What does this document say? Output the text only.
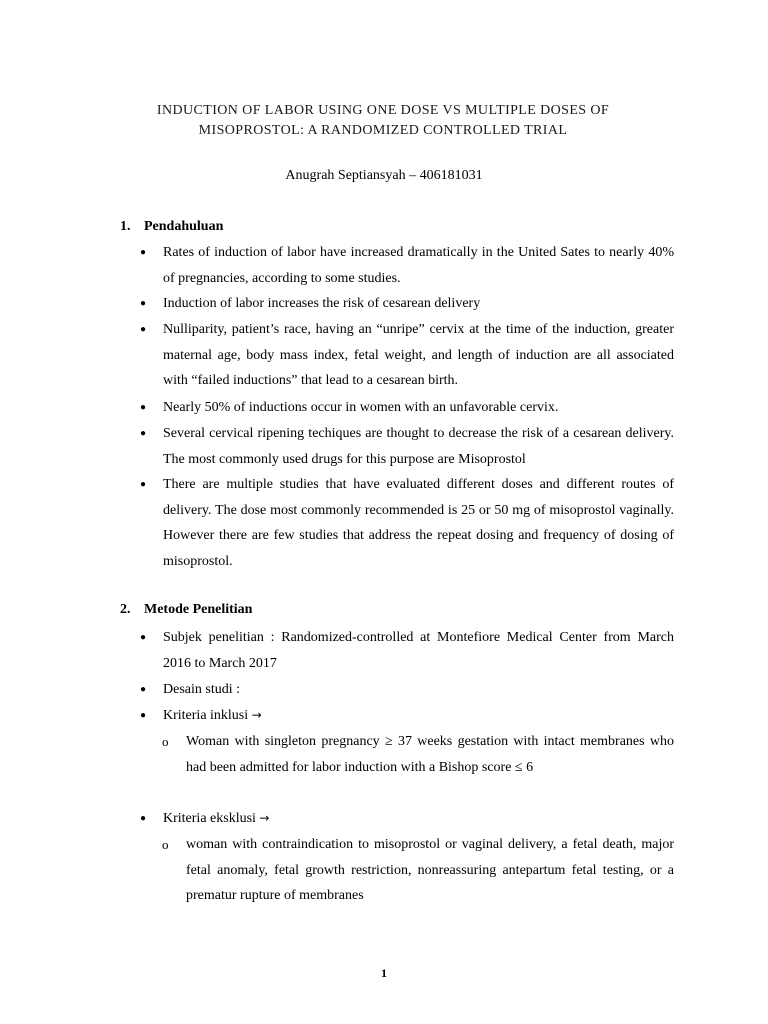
INDUCTION OF LABOR USING ONE DOSE VS MULTIPLE DOSES OF
MISOPROSTOL: A RANDOMIZED CONTROLLED TRIAL
Anugrah Septiansyah – 406181031
1. Pendahuluan
●	Rates of induction of labor have increased dramatically in the United Sates to nearly 40% of pregnancies, according to some studies.
●	Induction of labor increases the risk of cesarean delivery
●	Nulliparity, patient’s race, having an “unripe” cervix at the time of the induction, greater maternal age, body mass index, fetal weight, and length of induction are all associated with “failed inductions” that lead to a cesarean birth.
●	Nearly 50% of inductions occur in women with an unfavorable cervix.
●	Several cervical ripening techiques are thought to decrease the risk of a cesarean delivery. The most commonly used drugs for this purpose are Misoprostol
●	There are multiple studies that have evaluated different doses and different routes of delivery. The dose most commonly recommended is 25 or 50 mg of misoprostol vaginally. However there are few studies that address the repeat dosing and frequency of dosing of misoprostol.
2. Metode Penelitian
●	Subjek penelitian : Randomized-controlled at Montefiore Medical Center from March 2016 to March 2017
●	Desain studi :
●	Kriteria inklusi →
o Woman with singleton pregnancy ≥ 37 weeks gestation with intact membranes who had been admitted for labor induction with a Bishop score ≤ 6
●	Kriteria eksklusi →
o woman with contraindication to misoprostol or vaginal delivery, a fetal death, major fetal anomaly, fetal growth restriction, nonreassuring antepartum fetal testing, or a prematur rupture of membranes
1
